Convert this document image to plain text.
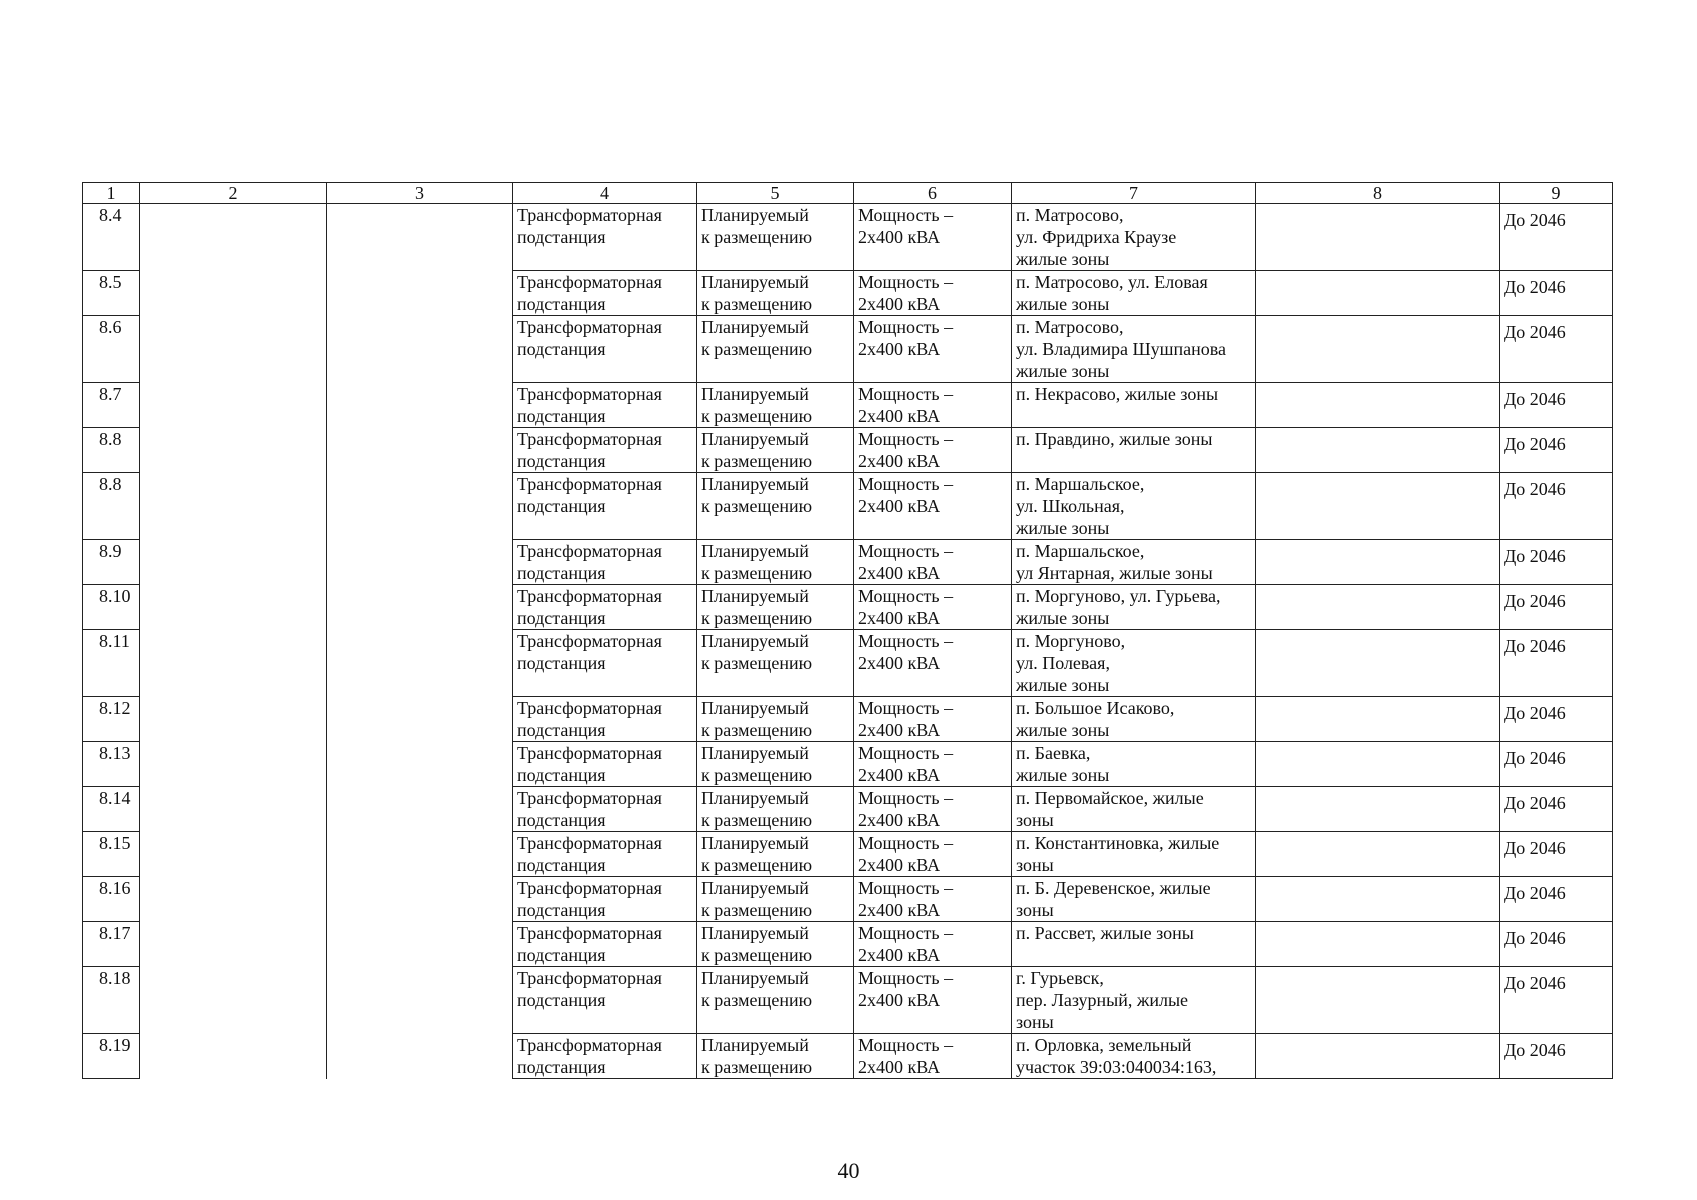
1	2	3	4	5	6	7	8	9
8.4			Трансформаторная
подстанция	Планируемый
к размещению	Мощность –
2х400 кВА	п. Матросово,
ул. Фридриха Краузе
жилые зоны		До 2046
8.5			Трансформаторная
подстанция	Планируемый
к размещению	Мощность –
2х400 кВА	п. Матросово, ул. Еловая
жилые зоны		До 2046
8.6			Трансформаторная
подстанция	Планируемый
к размещению	Мощность –
2х400 кВА	п. Матросово,
ул. Владимира Шушпанова
жилые зоны		До 2046
8.7			Трансформаторная
подстанция	Планируемый
к размещению	Мощность –
2х400 кВА	п. Некрасово, жилые зоны		До 2046
8.8			Трансформаторная
подстанция	Планируемый
к размещению	Мощность –
2х400 кВА	п. Правдино, жилые зоны		До 2046
8.8			Трансформаторная
подстанция	Планируемый
к размещению	Мощность –
2х400 кВА	п. Маршальское,
ул. Школьная,
жилые зоны		До 2046
8.9			Трансформаторная
подстанция	Планируемый
к размещению	Мощность –
2х400 кВА	п. Маршальское,
ул Янтарная, жилые зоны		До 2046
8.10			Трансформаторная
подстанция	Планируемый
к размещению	Мощность –
2х400 кВА	п. Моргуново, ул. Гурьева,
жилые зоны		До 2046
8.11			Трансформаторная
подстанция	Планируемый
к размещению	Мощность –
2х400 кВА	п. Моргуново,
ул. Полевая,
жилые зоны		До 2046
8.12			Трансформаторная
подстанция	Планируемый
к размещению	Мощность –
2х400 кВА	п. Большое Исаково,
жилые зоны		До 2046
8.13			Трансформаторная
подстанция	Планируемый
к размещению	Мощность –
2х400 кВА	п. Баевка,
жилые зоны		До 2046
8.14			Трансформаторная
подстанция	Планируемый
к размещению	Мощность –
2х400 кВА	п. Первомайское, жилые
зоны		До 2046
8.15			Трансформаторная
подстанция	Планируемый
к размещению	Мощность –
2х400 кВА	п. Константиновка, жилые
зоны		До 2046
8.16			Трансформаторная
подстанция	Планируемый
к размещению	Мощность –
2х400 кВА	п. Б. Деревенское, жилые
зоны		До 2046
8.17			Трансформаторная
подстанция	Планируемый
к размещению	Мощность –
2х400 кВА	п. Рассвет, жилые зоны		До 2046
8.18			Трансформаторная
подстанция	Планируемый
к размещению	Мощность –
2х400 кВА	г. Гурьевск,
пер. Лазурный, жилые
зоны		До 2046
8.19			Трансформаторная
подстанция	Планируемый
к размещению	Мощность –
2х400 кВА	п. Орловка, земельный
участок 39:03:040034:163,		До 2046
40
